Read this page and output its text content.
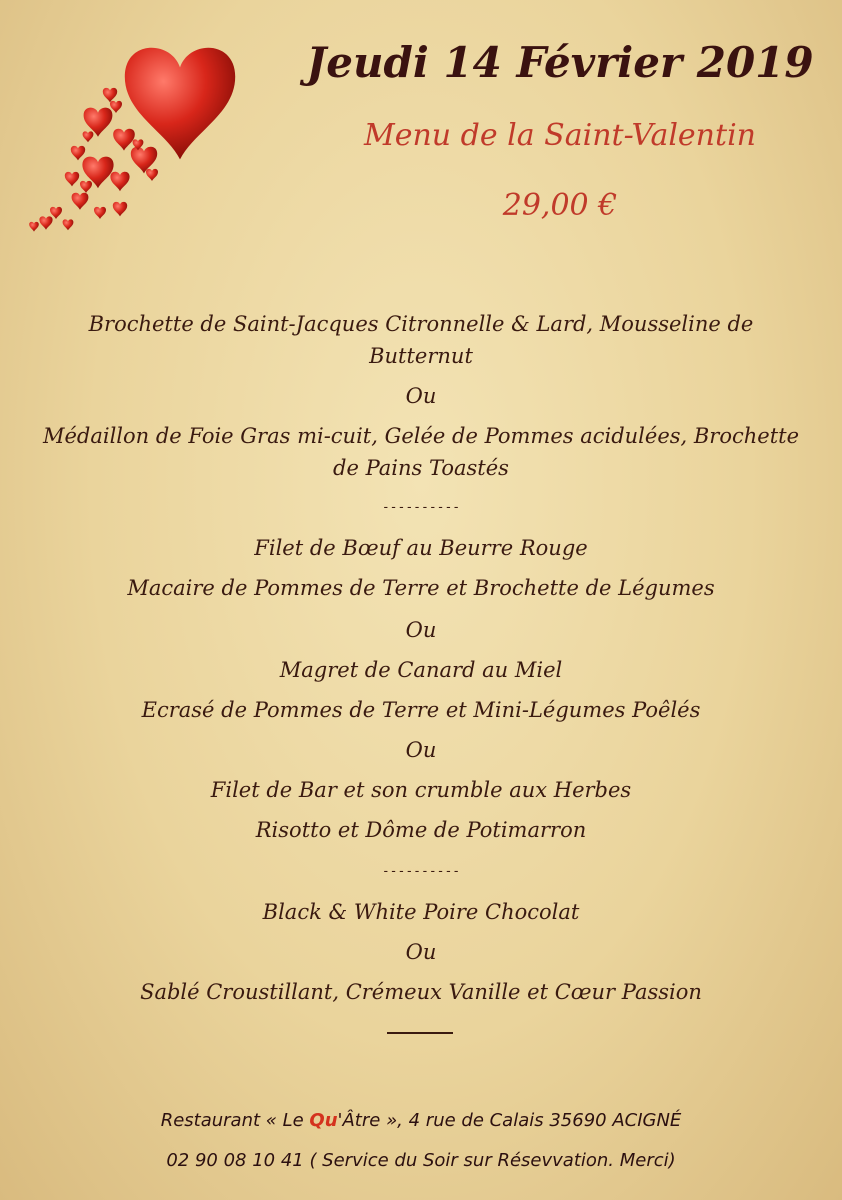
Jeudi 14 Février 2019
Menu de la Saint-Valentin
29,00 €
Brochette de Saint-Jacques Citronnelle & Lard, Mousseline de
Butternut
Ou
Médaillon de Foie Gras mi-cuit, Gelée de Pommes acidulées, Brochette
de Pains Toastés
----------
Filet de Bœuf au Beurre Rouge
Macaire de Pommes de Terre et Brochette de Légumes
Ou
Magret de Canard au Miel
Ecrasé de Pommes de Terre et Mini-Légumes Poêlés
Ou
Filet de Bar et son crumble aux Herbes
Risotto et Dôme de Potimarron
----------
Black & White Poire Chocolat
Ou
Sablé Croustillant, Crémeux Vanille et Cœur Passion
Restaurant « Le Qu'Âtre », 4 rue de Calais 35690 ACIGNÉ
02 90 08 10 41 ( Service du Soir sur Résevvation. Merci)
